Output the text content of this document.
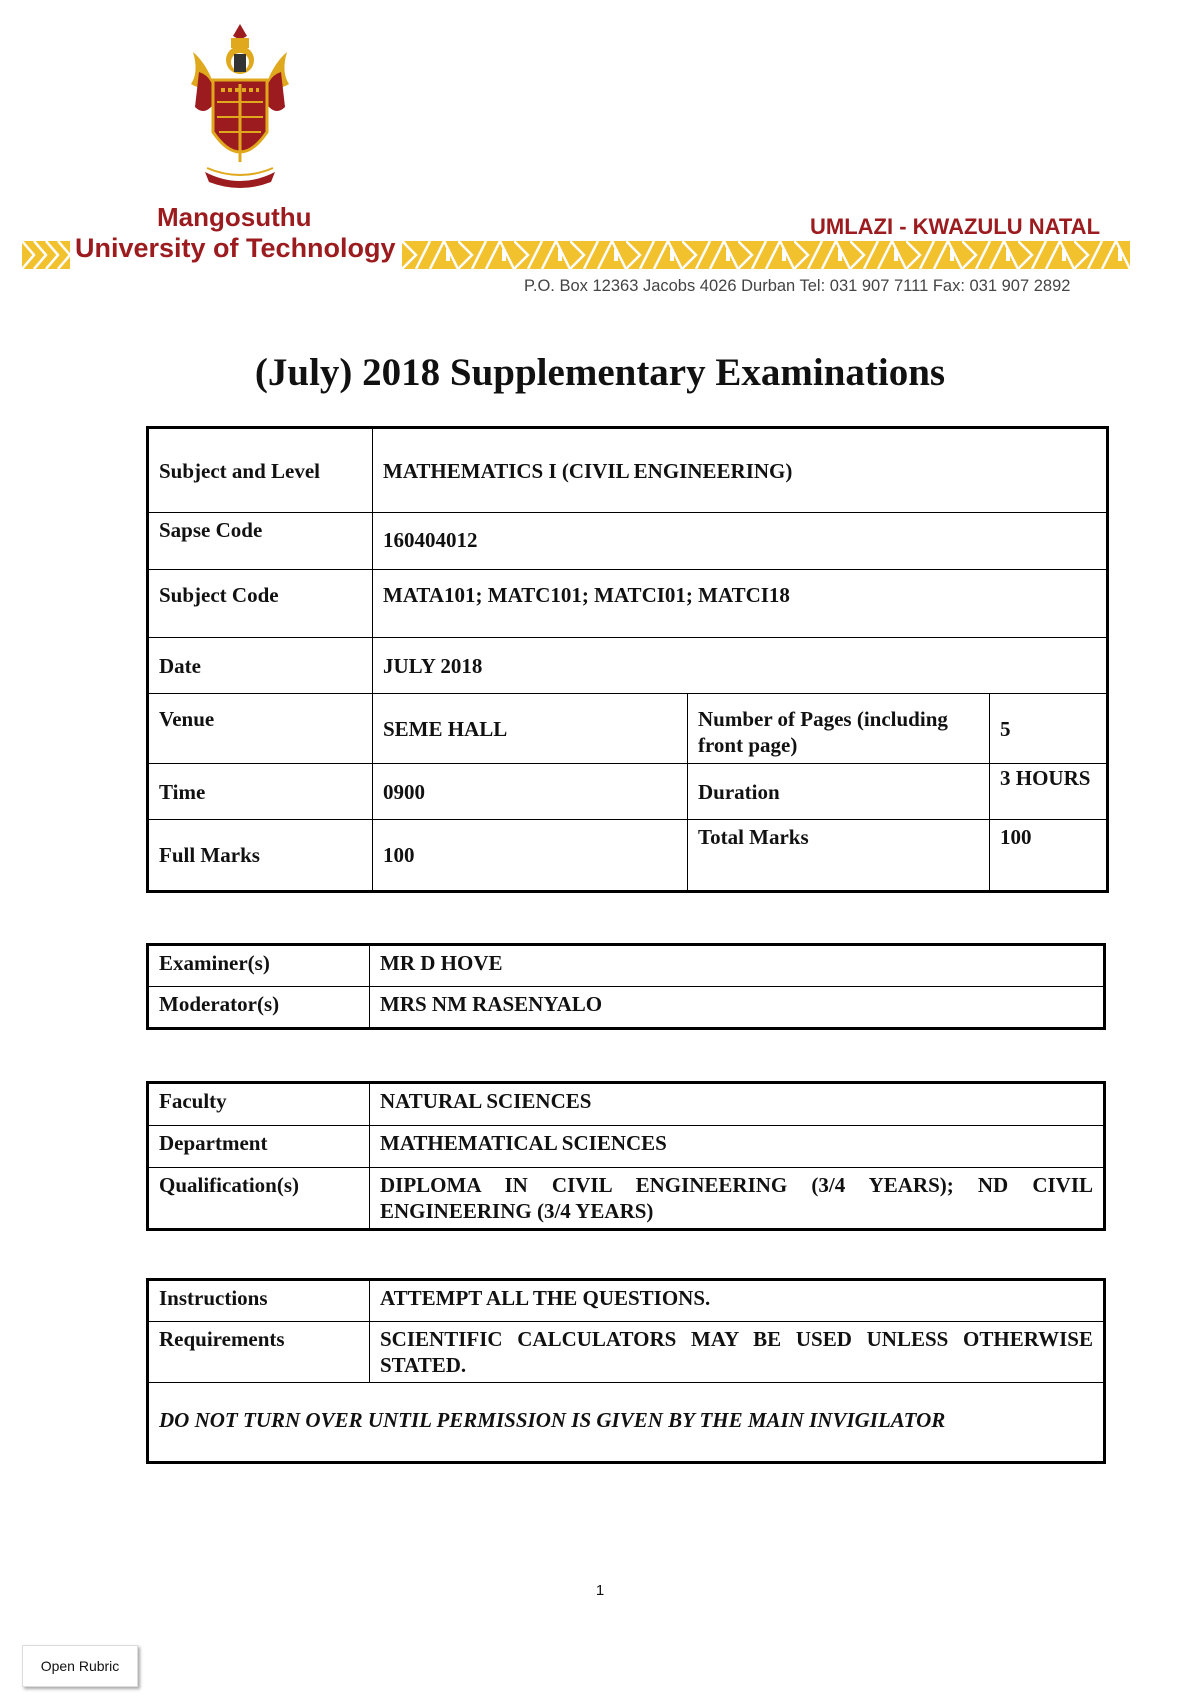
Mangosuthu
University of Technology
UMLAZI - KWAZULU NATAL
P.O. Box 12363 Jacobs 4026 Durban Tel: 031 907 7111 Fax: 031 907 2892
(July) 2018 Supplementary Examinations
Subject and Level	MATHEMATICS I (CIVIL ENGINEERING)		
Sapse Code	160404012		
Subject Code	MATA101; MATC101; MATCI01; MATCI18		
Date	JULY 2018		
Venue	SEME HALL	Number of Pages (including front page)	5
Time	0900	Duration	3 HOURS
Full Marks	100	Total Marks	100
Examiner(s)	MR D HOVE
Moderator(s)	MRS NM RASENYALO
Faculty	NATURAL SCIENCES
Department	MATHEMATICAL SCIENCES
Qualification(s)	DIPLOMA IN CIVIL ENGINEERING (3/4 YEARS); ND CIVIL ENGINEERING (3/4 YEARS)
Instructions	ATTEMPT ALL THE QUESTIONS.
Requirements	SCIENTIFIC CALCULATORS MAY BE USED UNLESS OTHERWISE STATED.
DO NOT TURN OVER UNTIL PERMISSION IS GIVEN BY THE MAIN INVIGILATOR	
1
Open Rubric
